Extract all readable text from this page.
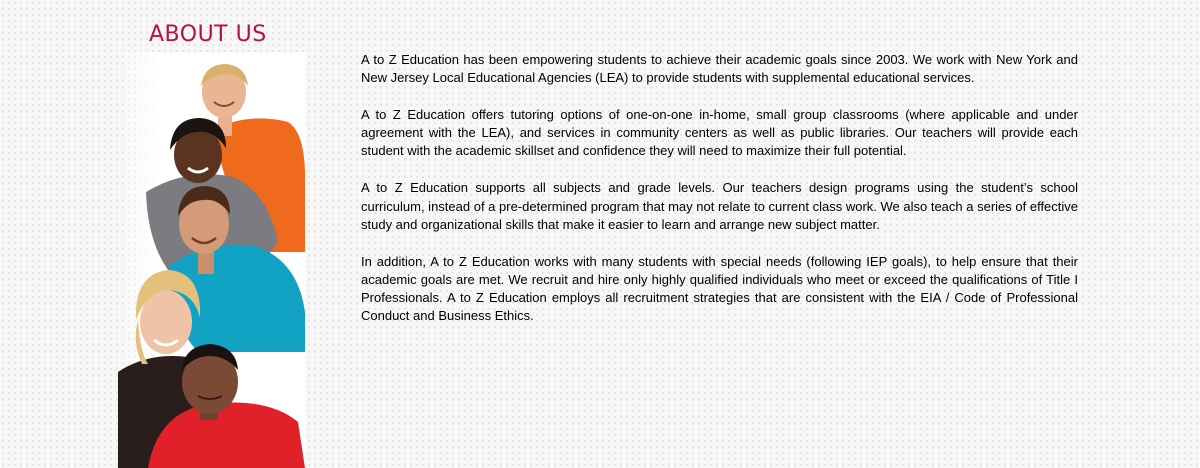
ABOUT US

A to Z Education has been empowering students to achieve their academic goals since 2003. We work with New York and New Jersey Local Educational Agencies (LEA) to provide students with supplemental educational services.

A to Z Education offers tutoring options of one-on-one in-home, small group classrooms (where applicable and under agreement with the LEA), and services in community centers as well as public libraries. Our teachers will provide each student with the academic skillset and confidence they will need to maximize their full potential.

A to Z Education supports all subjects and grade levels. Our teachers design programs using the student’s school curriculum, instead of a pre-determined program that may not relate to current class work. We also teach a series of effective study and organizational skills that make it easier to learn and arrange new subject matter.

In addition, A to Z Education works with many students with special needs (following IEP goals), to help ensure that their academic goals are met. We recruit and hire only highly qualified individuals who meet or exceed the qualifications of Title I Professionals. A to Z Education employs all recruitment strategies that are consistent with the EIA / Code of Professional Conduct and Business Ethics.
